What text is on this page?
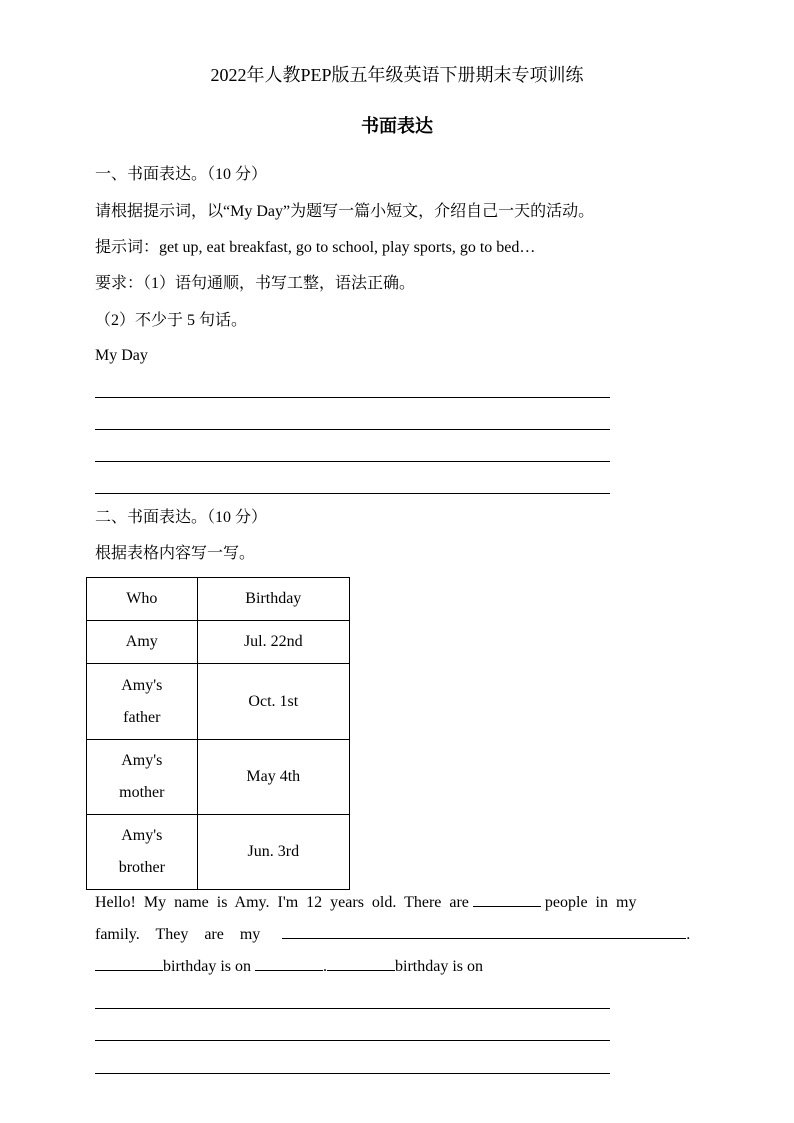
2022年人教PEP版五年级英语下册期末专项训练
书面表达
一、书面表达。（10 分）
请根据提示词，以“My Day”为题写一篇小短文，介绍自己一天的活动。
提示词：get up, eat breakfast, go to school, play sports, go to bed…
要求：（1）语句通顺，书写工整，语法正确。
（2）不少于 5 句话。
My Day
二、书面表达。（10 分）
根据表格内容写一写。
Who	Birthday
Amy	Jul. 22nd
Amy's
father	Oct. 1st
Amy's
mother	May 4th
Amy's
brother	Jun. 3rd
Hello!  My  name  is  Amy.  I'm  12  years  old.  There  are	people  in  my
family.    They    are    my	.
birthday is on	.	birthday is on
